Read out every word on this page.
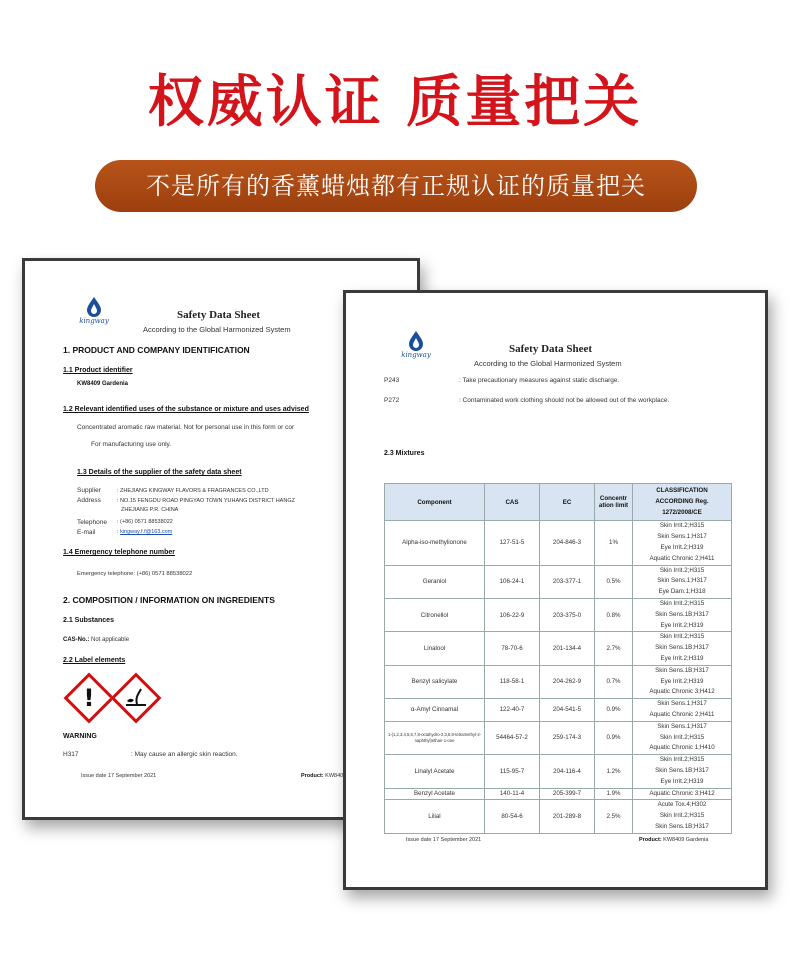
权威认证 质量把关
不是所有的香薰蜡烛都有正规认证的质量把关
kingway	Safety Data Sheet
According to the Global Harmonized System
1. PRODUCT AND COMPANY IDENTIFICATION
1.1 Product identifier
KW8409 Gardenia
1.2 Relevant identified uses of the substance or mixture and uses advised
Concentrated aromatic raw material. Not for personal use in this form or cor
For manufacturing use only.
1.3 Details of the supplier of the safety data sheet
Supplier	: ZHEJIANG KINGWAY FLAVORS & FRAGRANCES CO.,LTD
Address	: NO.15 FENGDU ROAD PINGYAO TOWN YUHANG DISTRICT HANGZ
ZHEJIANG P.R. CHINA
Telephone : (+86) 0571 88538022
E-mail	: kingway.f.f@163.com
1.4 Emergency telephone number
Emergency telephone: (+86) 0571 88538022
2. COMPOSITION / INFORMATION ON INGREDIENTS
2.1 Substances
CAS-No.: Not applicable
2.2 Label elements
!
WARNING
H317	: May cause an allergic skin reaction.
Issue date 17 September 2021	Product: KW840
kingway	Safety Data Sheet
According to the Global Harmonized System
P243	: Take precautionary measures against static discharge.
P272	: Contaminated work clothing should not be allowed out of the workplace.
2.3 Mixtures
Component	CAS	EC	Concentr ation limit	CLASSIFICATION
ACCORDING Reg.
1272/2008/CE

Alpha-iso-methylionone	127-51-5	204-846-3	1%	Skin Irrit.2;H315
Skin Sens.1;H317
Eye Irrit.2;H319
Aquatic Chronic 2;H411

Geraniol	106-24-1	203-377-1	0.5%	Skin Irrit.2;H315
Skin Sens.1;H317
Eye Dam.1;H318

Citronellol	106-22-9	203-375-0	0.8%	Skin Irrit.2;H315
Skin Sens.1B;H317
Eye Irrit.2;H319

Linalool	78-70-6	201-134-4	2.7%	Skin Irrit.2;H315
Skin Sens.1B;H317
Eye Irrit.2;H319

Benzyl salicylate	118-58-1	204-262-9	0.7%	Skin Sens.1B;H317
Eye Irrit.2;H319
Aquatic Chronic 3;H412

α-Amyl Cinnamal	122-40-7	204-541-5	0.9%	Skin Sens.1;H317
Aquatic Chronic 2;H411

1-(1,2,3,4,5,6,7,8-octahydro-2,3,8,8-tetramethyl-2-naphthyl)ethan-1-one	54464-57-2	259-174-3	0.9%	Skin Sens.1;H317
Skin Irrit.2;H315
Aquatic Chronic 1;H410

Linalyl Acetate	115-95-7	204-116-4	1.2%	Skin Irrit.2;H315
Skin Sens.1B;H317
Eye Irrit.2;H319

Benzyl Acetate	140-11-4	205-399-7	1.9%	Aquatic Chronic 3;H412

Lilial	80-54-6	201-289-8	2.5%	Acute Tox.4;H302
Skin Irrit.2;H315
Skin Sens.1B;H317
Issue date 17 September 2021	Product: KW8409 Gardenia
